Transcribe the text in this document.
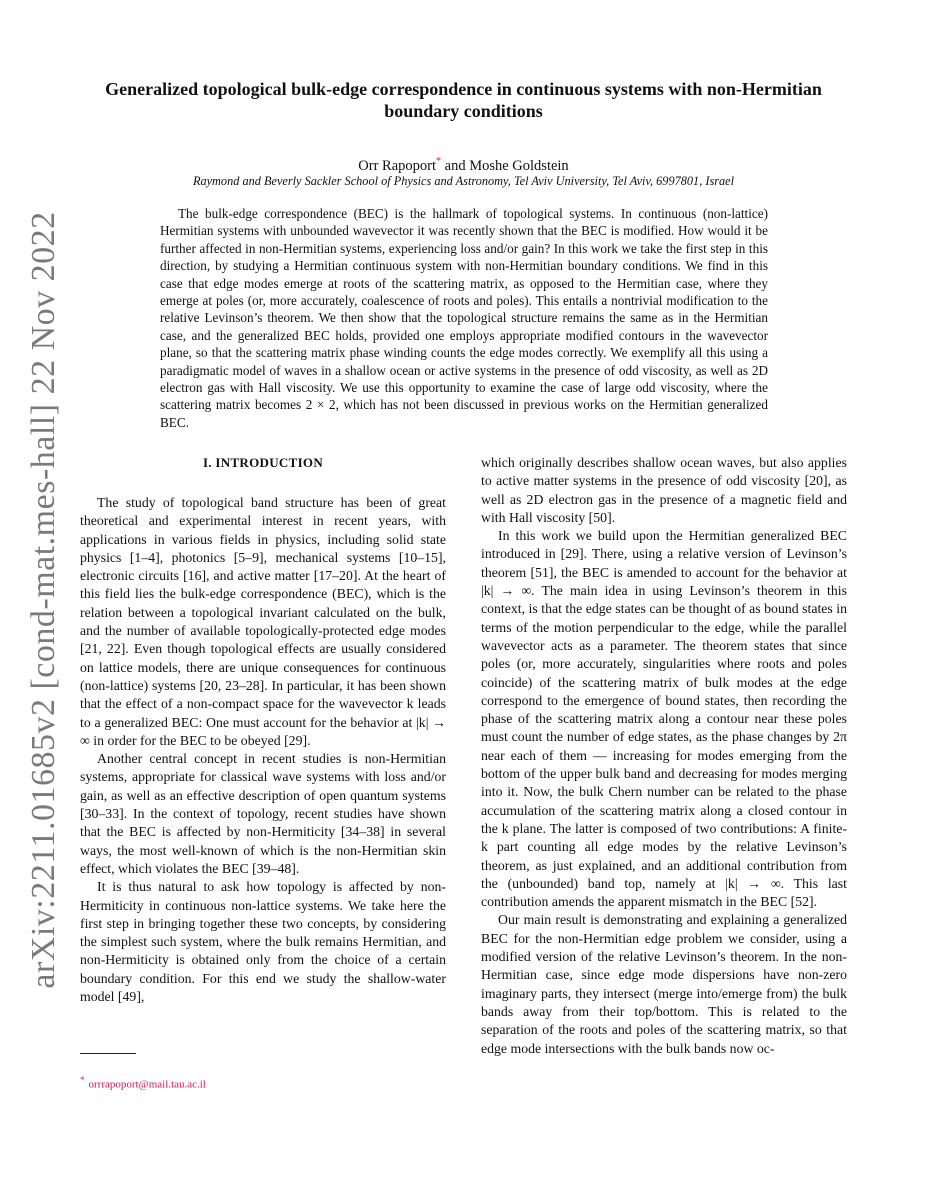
arXiv:2211.01685v2 [cond-mat.mes-hall] 22 Nov 2022
Generalized topological bulk-edge correspondence in continuous systems with non-Hermitian boundary conditions
Orr Rapoport* and Moshe Goldstein
Raymond and Beverly Sackler School of Physics and Astronomy, Tel Aviv University, Tel Aviv, 6997801, Israel
The bulk-edge correspondence (BEC) is the hallmark of topological systems. In continuous (non-lattice) Hermitian systems with unbounded wavevector it was recently shown that the BEC is modified. How would it be further affected in non-Hermitian systems, experiencing loss and/or gain? In this work we take the first step in this direction, by studying a Hermitian continuous system with non-Hermitian boundary conditions. We find in this case that edge modes emerge at roots of the scattering matrix, as opposed to the Hermitian case, where they emerge at poles (or, more accurately, coalescence of roots and poles). This entails a nontrivial modification to the relative Levinson’s theorem. We then show that the topological structure remains the same as in the Hermitian case, and the generalized BEC holds, provided one employs appropriate modified contours in the wavevector plane, so that the scattering matrix phase winding counts the edge modes correctly. We exemplify all this using a paradigmatic model of waves in a shallow ocean or active systems in the presence of odd viscosity, as well as 2D electron gas with Hall viscosity. We use this opportunity to examine the case of large odd viscosity, where the scattering matrix becomes 2 × 2, which has not been discussed in previous works on the Hermitian generalized BEC.
I. INTRODUCTION

The study of topological band structure has been of great theoretical and experimental interest in recent years, with applications in various fields in physics, including solid state physics [1–4], photonics [5–9], mechanical systems [10–15], electronic circuits [16], and active matter [17–20]. At the heart of this field lies the bulk-edge correspondence (BEC), which is the relation between a topological invariant calculated on the bulk, and the number of available topologically-protected edge modes [21, 22]. Even though topological effects are usually considered on lattice models, there are unique consequences for continuous (non-lattice) systems [20, 23–28]. In particular, it has been shown that the effect of a non-compact space for the wavevector k leads to a generalized BEC: One must account for the behavior at |k| → ∞ in order for the BEC to be obeyed [29].

Another central concept in recent studies is non-Hermitian systems, appropriate for classical wave systems with loss and/or gain, as well as an effective description of open quantum systems [30–33]. In the context of topology, recent studies have shown that the BEC is affected by non-Hermiticity [34–38] in several ways, the most well-known of which is the non-Hermitian skin effect, which violates the BEC [39–48].

It is thus natural to ask how topology is affected by non-Hermiticity in continuous non-lattice systems. We take here the first step in bringing together these two concepts, by considering the simplest such system, where the bulk remains Hermitian, and non-Hermiticity is obtained only from the choice of a certain boundary condition. For this end we study the shallow-water model [49],

which originally describes shallow ocean waves, but also applies to active matter systems in the presence of odd viscosity [20], as well as 2D electron gas in the presence of a magnetic field and with Hall viscosity [50].

In this work we build upon the Hermitian generalized BEC introduced in [29]. There, using a relative version of Levinson’s theorem [51], the BEC is amended to account for the behavior at |k| → ∞. The main idea in using Levinson’s theorem in this context, is that the edge states can be thought of as bound states in terms of the motion perpendicular to the edge, while the parallel wavevector acts as a parameter. The theorem states that since poles (or, more accurately, singularities where roots and poles coincide) of the scattering matrix of bulk modes at the edge correspond to the emergence of bound states, then recording the phase of the scattering matrix along a contour near these poles must count the number of edge states, as the phase changes by 2π near each of them — increasing for modes emerging from the bottom of the upper bulk band and decreasing for modes merging into it. Now, the bulk Chern number can be related to the phase accumulation of the scattering matrix along a closed contour in the k plane. The latter is composed of two contributions: A finite-k part counting all edge modes by the relative Levinson’s theorem, as just explained, and an additional contribution from the (unbounded) band top, namely at |k| → ∞. This last contribution amends the apparent mismatch in the BEC [52].

Our main result is demonstrating and explaining a generalized BEC for the non-Hermitian edge problem we consider, using a modified version of the relative Levinson’s theorem. In the non-Hermitian case, since edge mode dispersions have non-zero imaginary parts, they intersect (merge into/emerge from) the bulk bands away from their top/bottom. This is related to the separation of the roots and poles of the scattering matrix, so that edge mode intersections with the bulk bands now oc-

* orrrapoport@mail.tau.ac.il
